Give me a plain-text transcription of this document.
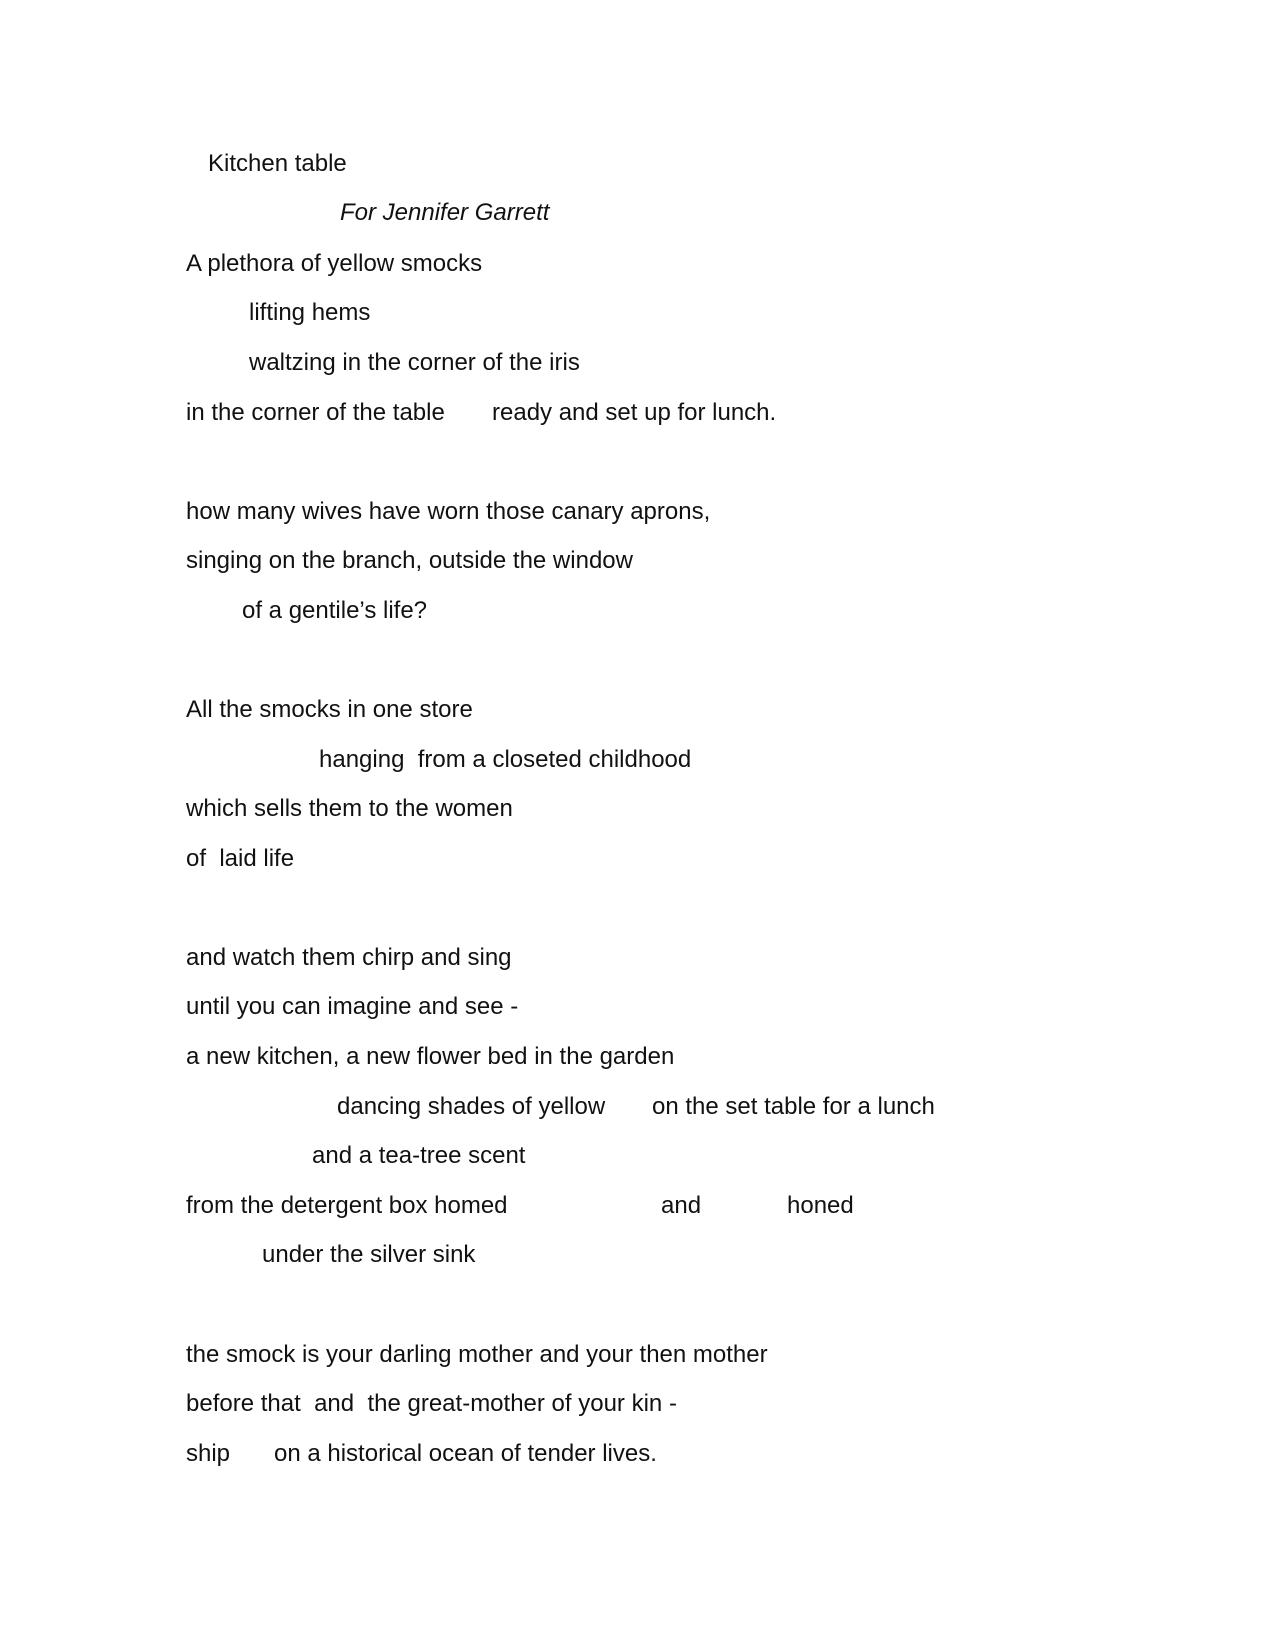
Kitchen table

For Jennifer Garrett

A plethora of yellow smocks

lifting hems

waltzing in the corner of the iris

in the corner of the table ready and set up for lunch.

how many wives have worn those canary aprons,

singing on the branch, outside the window

of a gentile’s life?

All the smocks in one store

hanging  from a closeted childhood

which sells them to the women

of  laid life

and watch them chirp and sing

until you can imagine and see -

a new kitchen, a new flower bed in the garden

dancing shades of yellow on the set table for a lunch

and a tea-tree scent

from the detergent box homed	and	honed

under the silver sink

the smock is your darling mother and your then mother

before that  and  the great-mother of your kin -

ship on a historical ocean of tender lives.
